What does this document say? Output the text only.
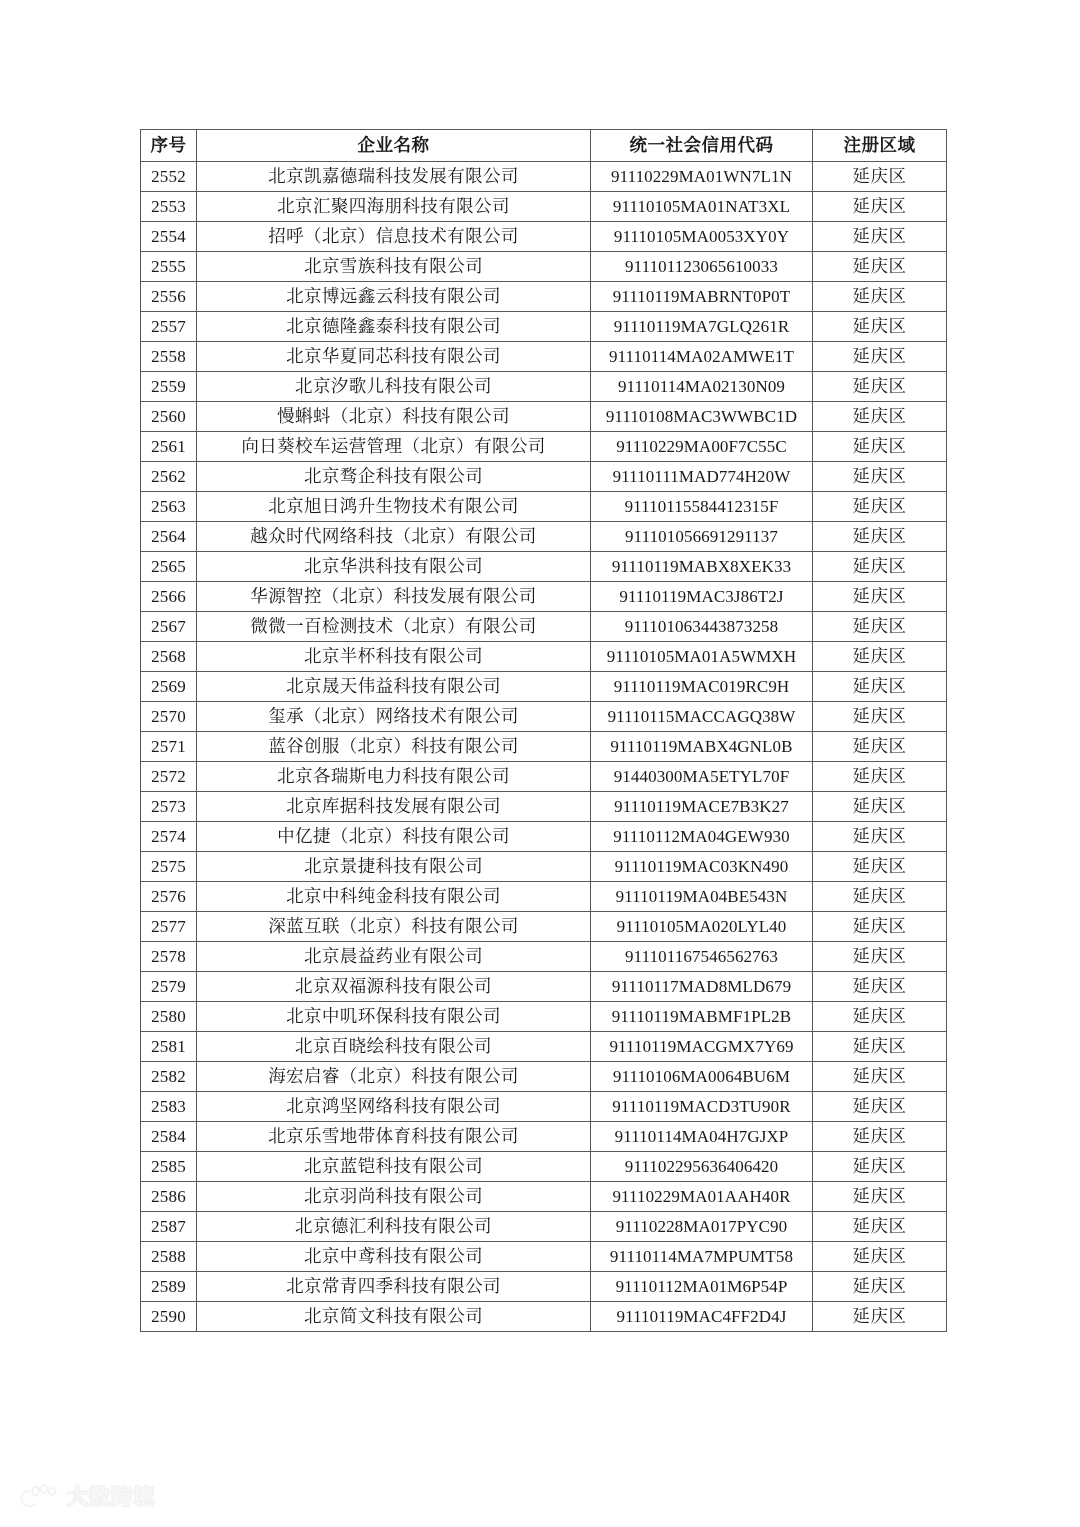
序号	企业名称	统一社会信用代码	注册区域
2552	北京凯嘉德瑞科技发展有限公司	91110229MA01WN7L1N	延庆区
2553	北京汇聚四海朋科技有限公司	91110105MA01NAT3XL	延庆区
2554	招呼（北京）信息技术有限公司	91110105MA0053XY0Y	延庆区
2555	北京雪族科技有限公司	911101123065610033	延庆区
2556	北京博远鑫云科技有限公司	91110119MABRNT0P0T	延庆区
2557	北京德隆鑫泰科技有限公司	91110119MA7GLQ261R	延庆区
2558	北京华夏同芯科技有限公司	91110114MA02AMWE1T	延庆区
2559	北京汐歌儿科技有限公司	91110114MA02130N09	延庆区
2560	慢蝌蚪（北京）科技有限公司	91110108MAC3WWBC1D	延庆区
2561	向日葵校车运营管理（北京）有限公司	91110229MA00F7C55C	延庆区
2562	北京骛企科技有限公司	91110111MAD774H20W	延庆区
2563	北京旭日鸿升生物技术有限公司	91110115584412315F	延庆区
2564	越众时代网络科技（北京）有限公司	911101056691291137	延庆区
2565	北京华洪科技有限公司	91110119MABX8XEK33	延庆区
2566	华源智控（北京）科技发展有限公司	91110119MAC3J86T2J	延庆区
2567	微微一百检测技术（北京）有限公司	911101063443873258	延庆区
2568	北京半杯科技有限公司	91110105MA01A5WMXH	延庆区
2569	北京晟天伟益科技有限公司	91110119MAC019RC9H	延庆区
2570	玺承（北京）网络技术有限公司	91110115MACCAGQ38W	延庆区
2571	蓝谷创服（北京）科技有限公司	91110119MABX4GNL0B	延庆区
2572	北京各瑞斯电力科技有限公司	91440300MA5ETYL70F	延庆区
2573	北京库据科技发展有限公司	91110119MACE7B3K27	延庆区
2574	中亿捷（北京）科技有限公司	91110112MA04GEW930	延庆区
2575	北京景捷科技有限公司	91110119MAC03KN490	延庆区
2576	北京中科纯金科技有限公司	91110119MA04BE543N	延庆区
2577	深蓝互联（北京）科技有限公司	91110105MA020LYL40	延庆区
2578	北京晨益药业有限公司	911101167546562763	延庆区
2579	北京双福源科技有限公司	91110117MAD8MLD679	延庆区
2580	北京中叽环保科技有限公司	91110119MABMF1PL2B	延庆区
2581	北京百晓绘科技有限公司	91110119MACGMX7Y69	延庆区
2582	海宏启睿（北京）科技有限公司	91110106MA0064BU6M	延庆区
2583	北京鸿坚网络科技有限公司	91110119MACD3TU90R	延庆区
2584	北京乐雪地带体育科技有限公司	91110114MA04H7GJXP	延庆区
2585	北京蓝铠科技有限公司	911102295636406420	延庆区
2586	北京羽尚科技有限公司	91110229MA01AAH40R	延庆区
2587	北京德汇利科技有限公司	91110228MA017PYC90	延庆区
2588	北京中鸢科技有限公司	91110114MA7MPUMT58	延庆区
2589	北京常青四季科技有限公司	91110112MA01M6P54P	延庆区
2590	北京简文科技有限公司	91110119MAC4FF2D4J	延庆区
大数跨境
